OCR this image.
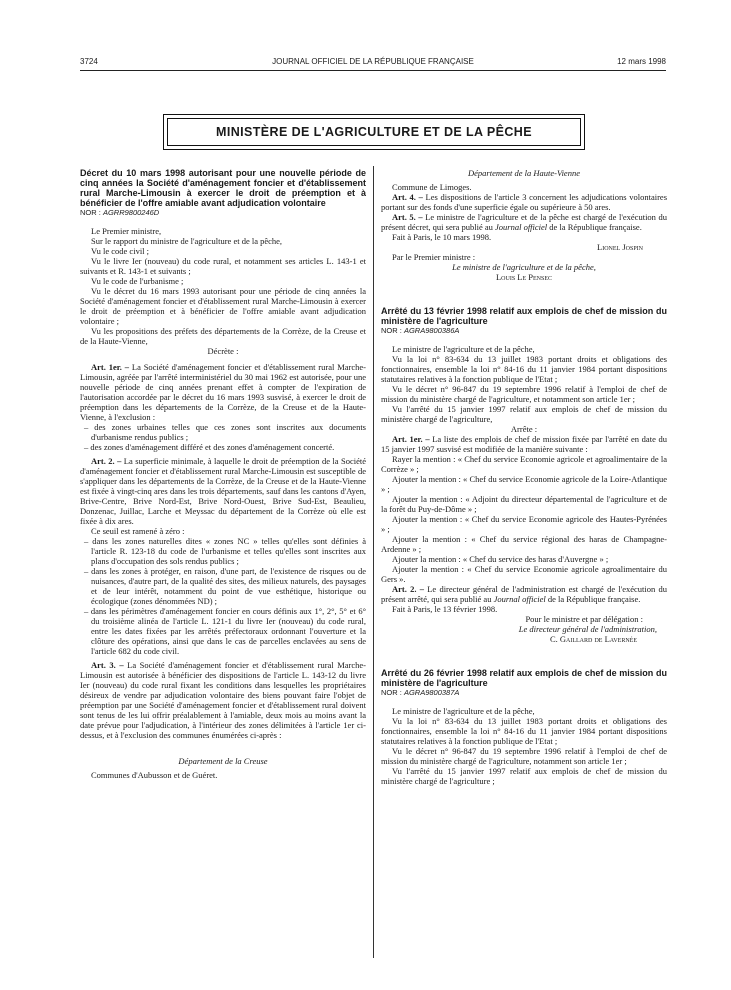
3724	JOURNAL OFFICIEL DE LA RÉPUBLIQUE FRANÇAISE	12 mars 1998
MINISTÈRE DE L'AGRICULTURE ET DE LA PÊCHE

Décret du 10 mars 1998 autorisant pour une nouvelle période de cinq années la Société d'aménagement foncier et d'établissement rural Marche-Limousin à exercer le droit de préemption et à bénéficier de l'offre amiable avant adjudication volontaire

NOR : AGRR9800246D

Le Premier ministre,

Sur le rapport du ministre de l'agriculture et de la pêche,

Vu le code civil ;

Vu le livre Ier (nouveau) du code rural, et notamment ses articles L. 143-1 et suivants et R. 143-1 et suivants ;

Vu le code de l'urbanisme ;

Vu le décret du 16 mars 1993 autorisant pour une période de cinq années la Société d'aménagement foncier et d'établissement rural Marche-Limousin à exercer le droit de préemption et à bénéficier de l'offre amiable avant adjudication volontaire ;

Vu les propositions des préfets des départements de la Corrèze, de la Creuse et de la Haute-Vienne,

Décrète :

Art. 1er. – La Société d'aménagement foncier et d'établissement rural Marche-Limousin, agréée par l'arrêté interministériel du 30 mai 1962 est autorisée, pour une nouvelle période de cinq années prenant effet à compter de l'expiration de l'autorisation accordée par le décret du 16 mars 1993 susvisé, à exercer le droit de préemption dans les départements de la Corrèze, de la Creuse et de la Haute-Vienne, à l'exclusion :

– des zones urbaines telles que ces zones sont inscrites aux documents d'urbanisme rendus publics ;

– des zones d'aménagement différé et des zones d'aménagement concerté.

Art. 2. – La superficie minimale, à laquelle le droit de préemption de la Société d'aménagement foncier et d'établissement rural Marche-Limousin est susceptible de s'appliquer dans les départements de la Corrèze, de la Creuse et de la Haute-Vienne est fixée à vingt-cinq ares dans les trois départements, sauf dans les cantons d'Ayen, Brive-Centre, Brive Nord-Est, Brive Nord-Ouest, Brive Sud-Est, Beaulieu, Donzenac, Juillac, Larche et Meyssac du département de la Corrèze où elle est fixée à dix ares.

Ce seuil est ramené à zéro :

– dans les zones naturelles dites « zones NC » telles qu'elles sont définies à l'article R. 123-18 du code de l'urbanisme et telles qu'elles sont inscrites aux plans d'occupation des sols rendus publics ;

– dans les zones à protéger, en raison, d'une part, de l'existence de risques ou de nuisances, d'autre part, de la qualité des sites, des milieux naturels, des paysages et de leur intérêt, notamment du point de vue esthétique, historique ou écologique (zones dénommées ND) ;

– dans les périmètres d'aménagement foncier en cours définis aux 1°, 2°, 5° et 6° du troisième alinéa de l'article L. 121-1 du livre Ier (nouveau) du code rural, entre les dates fixées par les arrêtés préfectoraux ordonnant l'ouverture et la clôture des opérations, ainsi que dans le cas de parcelles enclavées au sens de l'article 682 du code civil.

Art. 3. – La Société d'aménagement foncier et d'établissement rural Marche-Limousin est autorisée à bénéficier des dispositions de l'article L. 143-12 du livre Ier (nouveau) du code rural fixant les conditions dans lesquelles les propriétaires désireux de vendre par adjudication volontaire des biens pouvant faire l'objet de préemption par une Société d'aménagement foncier et d'établissement rural doivent sont tenus de les lui offrir préalablement à l'amiable, deux mois au moins avant la date prévue pour l'adjudication, à l'intérieur des zones délimitées à l'article 1er ci-dessus, et à l'exclusion des communes énumérées ci-après :

Département de la Creuse

Communes d'Aubusson et de Guéret.

Département de la Haute-Vienne

Commune de Limoges.

Art. 4. – Les dispositions de l'article 3 concernent les adjudications volontaires portant sur des fonds d'une superficie égale ou supérieure à 50 ares.

Art. 5. – Le ministre de l'agriculture et de la pêche est chargé de l'exécution du présent décret, qui sera publié au Journal officiel de la République française.

Fait à Paris, le 10 mars 1998.

Lionel Jospin

Par le Premier ministre :

Le ministre de l'agriculture et de la pêche,

Louis Le Pensec

Arrêté du 13 février 1998 relatif aux emplois de chef de mission du ministère de l'agriculture

NOR : AGRA9800386A

Le ministre de l'agriculture et de la pêche,

Vu la loi n° 83-634 du 13 juillet 1983 portant droits et obligations des fonctionnaires, ensemble la loi n° 84-16 du 11 janvier 1984 portant dispositions statutaires relatives à la fonction publique de l'Etat ;

Vu le décret n° 96-847 du 19 septembre 1996 relatif à l'emploi de chef de mission du ministère chargé de l'agriculture, et notamment son article 1er ;

Vu l'arrêté du 15 janvier 1997 relatif aux emplois de chef de mission du ministère chargé de l'agriculture,

Arrête :

Art. 1er. – La liste des emplois de chef de mission fixée par l'arrêté en date du 15 janvier 1997 susvisé est modifiée de la manière suivante :

Rayer la mention : « Chef du service Economie agricole et agroalimentaire de la Corrèze » ;

Ajouter la mention : « Chef du service Economie agricole de la Loire-Atlantique » ;

Ajouter la mention : « Adjoint du directeur départemental de l'agriculture et de la forêt du Puy-de-Dôme » ;

Ajouter la mention : « Chef du service Economie agricole des Hautes-Pyrénées » ;

Ajouter la mention : « Chef du service régional des haras de Champagne-Ardenne » ;

Ajouter la mention : « Chef du service des haras d'Auvergne » ;

Ajouter la mention : « Chef du service Economie agricole agroalimentaire du Gers ».

Art. 2. – Le directeur général de l'administration est chargé de l'exécution du présent arrêté, qui sera publié au Journal officiel de la République française.

Fait à Paris, le 13 février 1998.

Pour le ministre et par délégation :

Le directeur général de l'administration,

C. Gaillard de Lavernée

Arrêté du 26 février 1998 relatif aux emplois de chef de mission du ministère de l'agriculture

NOR : AGRA9800387A

Le ministre de l'agriculture et de la pêche,

Vu la loi n° 83-634 du 13 juillet 1983 portant droits et obligations des fonctionnaires, ensemble la loi n° 84-16 du 11 janvier 1984 portant dispositions statutaires relatives à la fonction publique de l'Etat ;

Vu le décret n° 96-847 du 19 septembre 1996 relatif à l'emploi de chef de mission du ministère chargé de l'agriculture, notamment son article 1er ;

Vu l'arrêté du 15 janvier 1997 relatif aux emplois de chef de mission du ministère chargé de l'agriculture ;
